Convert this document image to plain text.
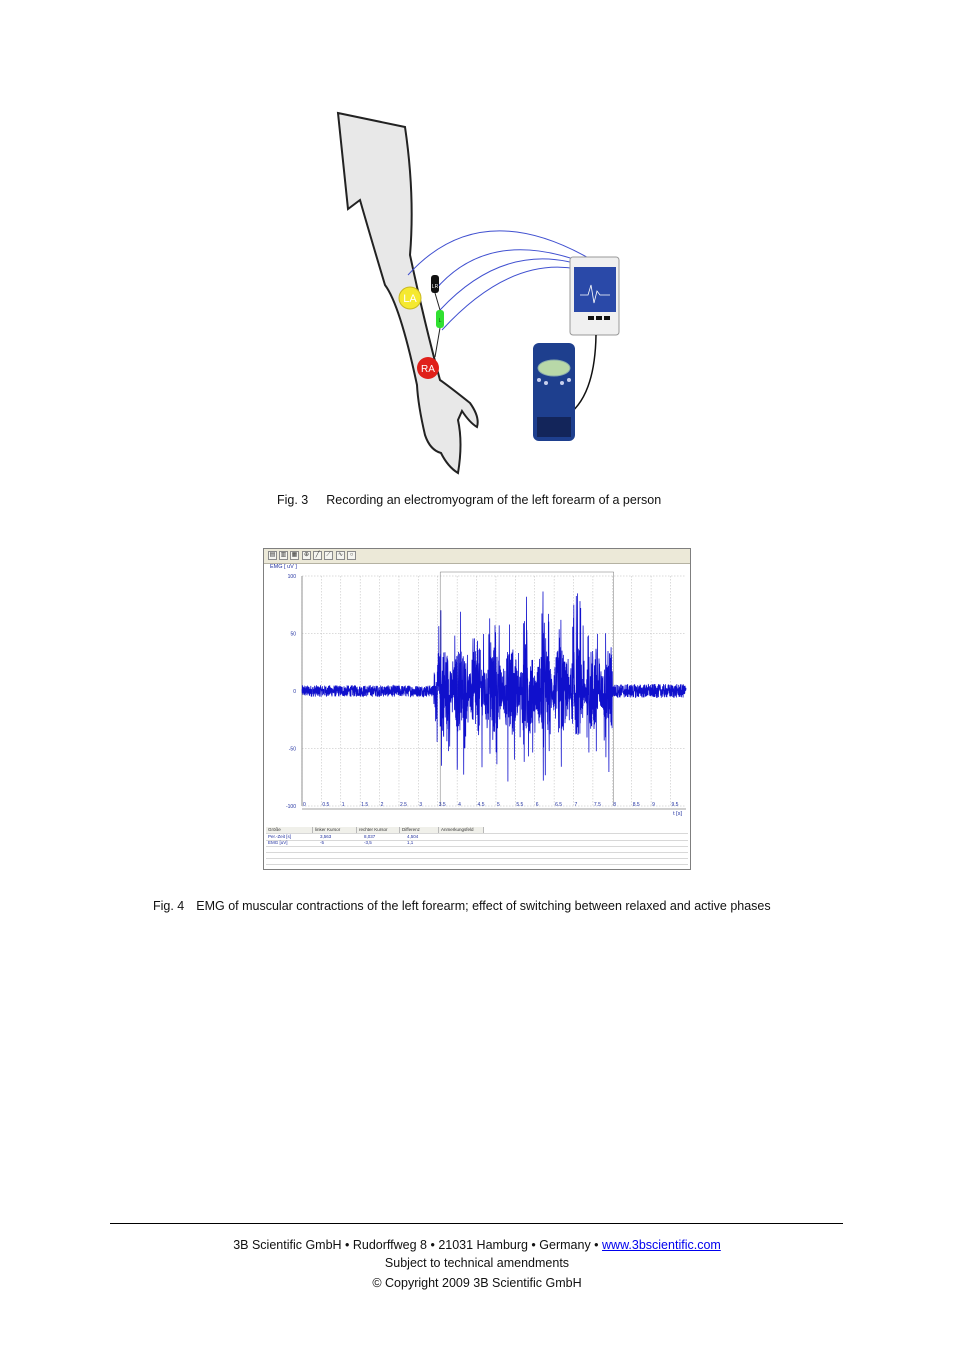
LA
RA
LR
L
Fig. 3 Recording an electromyogram of the left forearm of a person
▤ ▥ ▦	⊕	╱	⟋	∿	○
EMG [ uV ]
0	0.5 1	1.5 2	2.5 3	3.5 4	4.5 5	5.5 6	6.5 7	7.5 8	8.5 9	9.5
100
50
0
-50
-100
t [s]
Größe	linker Kursor	rechter Kursor	Differenz	Anmerkungsfeld
Per.-Zeit [s]	3,563	8,037	4,504
EMG [uV]	-5	-3,5	1,1
Fig. 4 EMG of muscular contractions of the left forearm; effect of switching between relaxed and active phases
3B Scientific GmbH • Rudorffweg 8 • 21031 Hamburg • Germany • www.3bscientific.com
Subject to technical amendments
© Copyright 2009 3B Scientific GmbH
